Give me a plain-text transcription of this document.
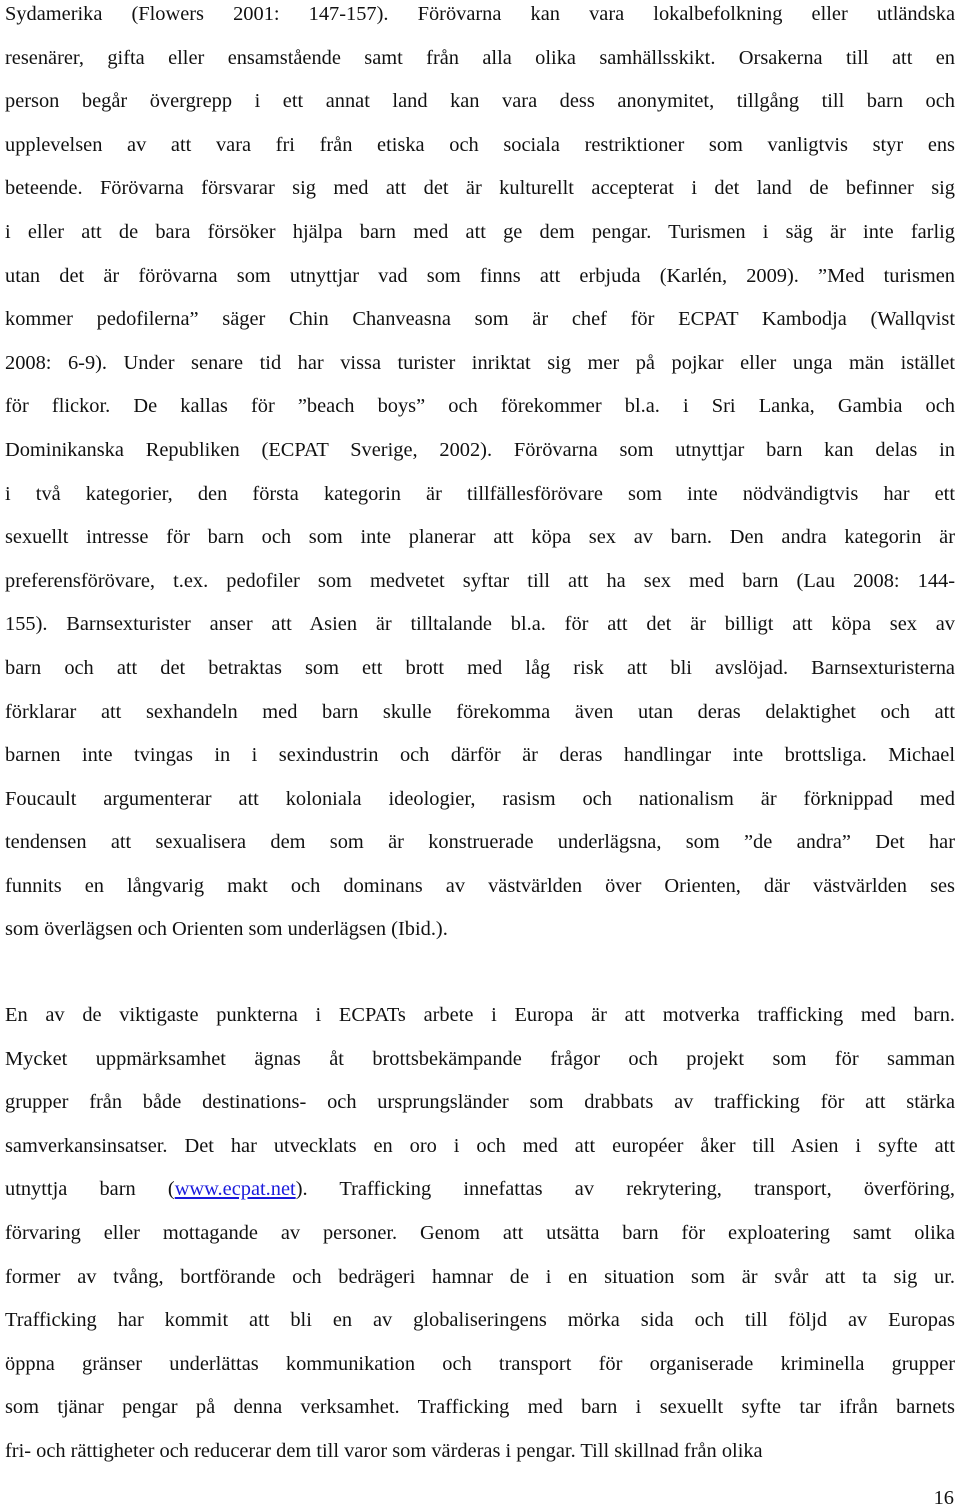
Sydamerika (Flowers 2001: 147-157). Förövarna kan vara lokalbefolkning eller utländska
resenärer, gifta eller ensamstående samt från alla olika samhällsskikt. Orsakerna till att en
person begår övergrepp i ett annat land kan vara dess anonymitet, tillgång till barn och
upplevelsen av att vara fri från etiska och sociala restriktioner som vanligtvis styr ens
beteende. Förövarna försvarar sig med att det är kulturellt accepterat i det land de befinner sig
i eller att de bara försöker hjälpa barn med att ge dem pengar. Turismen i säg är inte farlig
utan det är förövarna som utnyttjar vad som finns att erbjuda (Karlén, 2009). ”Med turismen
kommer pedofilerna” säger Chin Chanveasna som är chef för ECPAT Kambodja (Wallqvist
2008: 6-9). Under senare tid har vissa turister inriktat sig mer på pojkar eller unga män istället
för flickor. De kallas för ”beach boys” och förekommer bl.a. i Sri Lanka, Gambia och
Dominikanska Republiken (ECPAT Sverige, 2002). Förövarna som utnyttjar barn kan delas in
i två kategorier, den första kategorin är tillfällesförövare som inte nödvändigtvis har ett
sexuellt intresse för barn och som inte planerar att köpa sex av barn. Den andra kategorin är
preferensförövare, t.ex. pedofiler som medvetet syftar till att ha sex med barn (Lau 2008: 144-
155). Barnsexturister anser att Asien är tilltalande bl.a. för att det är billigt att köpa sex av
barn och att det betraktas som ett brott med låg risk att bli avslöjad. Barnsexturisterna
förklarar att sexhandeln med barn skulle förekomma även utan deras delaktighet och att
barnen inte tvingas in i sexindustrin och därför är deras handlingar inte brottsliga. Michael
Foucault argumenterar att koloniala ideologier, rasism och nationalism är förknippad med
tendensen att sexualisera dem som är konstruerade underlägsna, som ”de andra” Det har
funnits en långvarig makt och dominans av västvärlden över Orienten, där västvärlden ses
som överlägsen och Orienten som underlägsen (Ibid.).
En av de viktigaste punkterna i ECPATs arbete i Europa är att motverka trafficking med barn.
Mycket uppmärksamhet ägnas åt brottsbekämpande frågor och projekt som för samman
grupper från både destinations- och ursprungsländer som drabbats av trafficking för att stärka
samverkansinsatser. Det har utvecklats en oro i och med att européer åker till Asien i syfte att
utnyttja barn (www.ecpat.net). Trafficking innefattas av rekrytering, transport, överföring,
förvaring eller mottagande av personer. Genom att utsätta barn för exploatering samt olika
former av tvång, bortförande och bedrägeri hamnar de i en situation som är svår att ta sig ur.
Trafficking har kommit att bli en av globaliseringens mörka sida och till följd av Europas
öppna gränser underlättas kommunikation och transport för organiserade kriminella grupper
som tjänar pengar på denna verksamhet. Trafficking med barn i sexuellt syfte tar ifrån barnets
fri- och rättigheter och reducerar dem till varor som värderas i pengar. Till skillnad från olika
16
